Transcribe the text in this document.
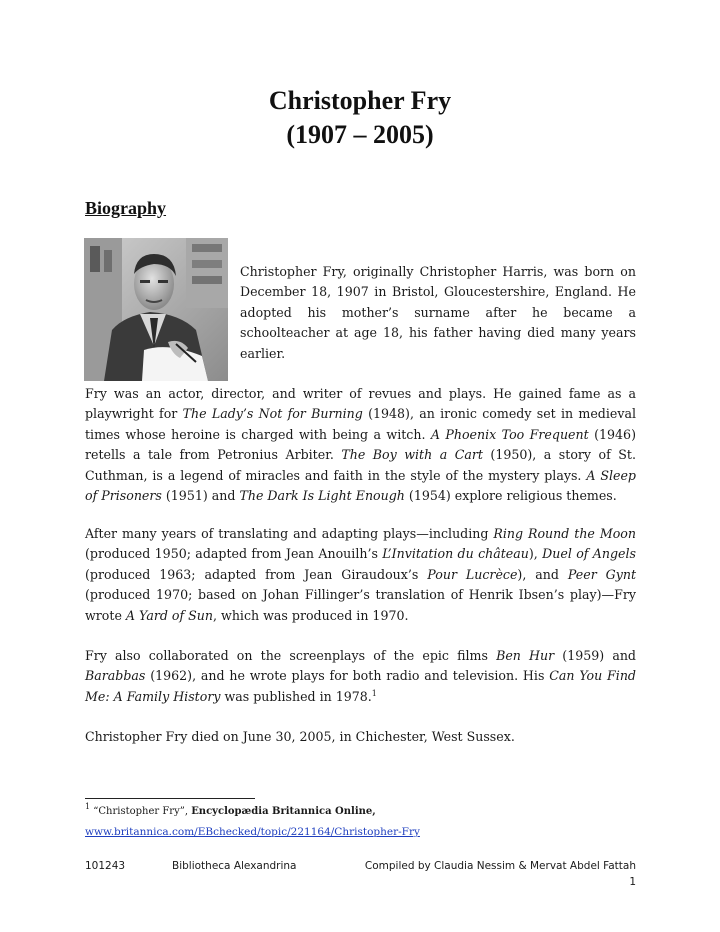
Christopher Fry
(1907 – 2005)
Biography
Christopher Fry, originally Christopher Harris, was born on December 18, 1907 in Bristol, Gloucestershire, England. He adopted his mother’s surname after he became a schoolteacher at age 18, his father having died many years earlier.
Fry was an actor, director, and writer of revues and plays. He gained fame as a playwright for The Lady’s Not for Burning (1948), an ironic comedy set in medieval times whose heroine is charged with being a witch. A Phoenix Too Frequent (1946) retells a tale from Petronius Arbiter. The Boy with a Cart (1950), a story of St. Cuthman, is a legend of miracles and faith in the style of the mystery plays. A Sleep of Prisoners (1951) and The Dark Is Light Enough (1954) explore religious themes.
After many years of translating and adapting plays—including Ring Round the Moon (produced 1950; adapted from Jean Anouilh’s L’Invitation du château), Duel of Angels (produced 1963; adapted from Jean Giraudoux’s Pour Lucrèce), and Peer Gynt (produced 1970; based on Johan Fillinger’s translation of Henrik Ibsen’s play)—Fry wrote A Yard of Sun, which was produced in 1970.
Fry also collaborated on the screenplays of the epic films Ben Hur (1959) and Barabbas (1962), and he wrote plays for both radio and television. His Can You Find Me: A Family History was published in 1978.$^1$
Christopher Fry died on June 30, 2005, in Chichester, West Sussex.
$^1$ “Christopher Fry”, Encyclopædia Britannica Online,
www.britannica.com/EBchecked/topic/221164/Christopher-Fry
101243	Bibliotheca Alexandrina	Compiled by Claudia Nessim & Mervat Abdel Fattah
1
